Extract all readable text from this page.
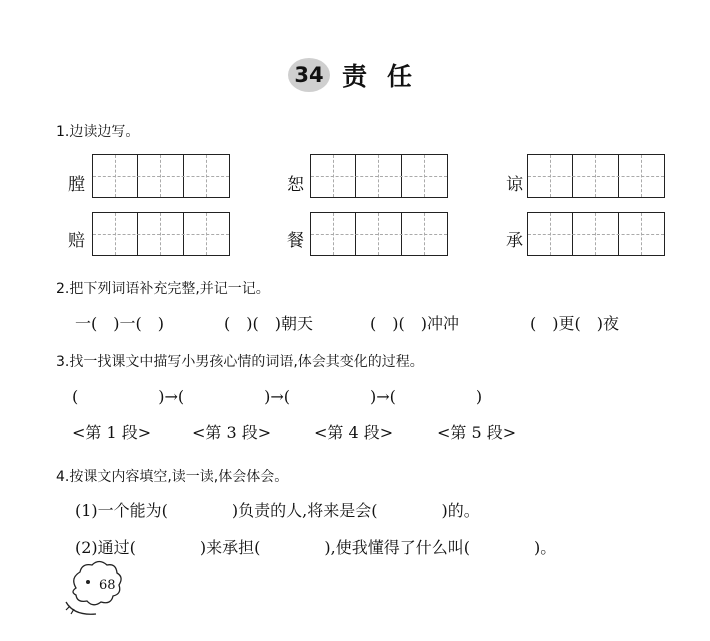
34 责任
1.边读边写。
膛	恕	谅
赔	餐	承
2.把下列词语补充完整,并记一记。
一(　)一(　)	(　)(　)朝天	(　)(　)冲冲	(　)更(　)夜
3.找一找课文中描写小男孩心情的词语,体会其变化的过程。
(　　　　　)→(　　　　　)→(　　　　　)→(　　　　　)
<第 1 段>	<第 3 段>	<第 4 段>	<第 5 段>
4.按课文内容填空,读一读,体会体会。
(1)一个能为(　　　　)负责的人,将来是会(　　　　)的。
(2)通过(　　　　)来承担(　　　　),使我懂得了什么叫(　　　　)。
68
